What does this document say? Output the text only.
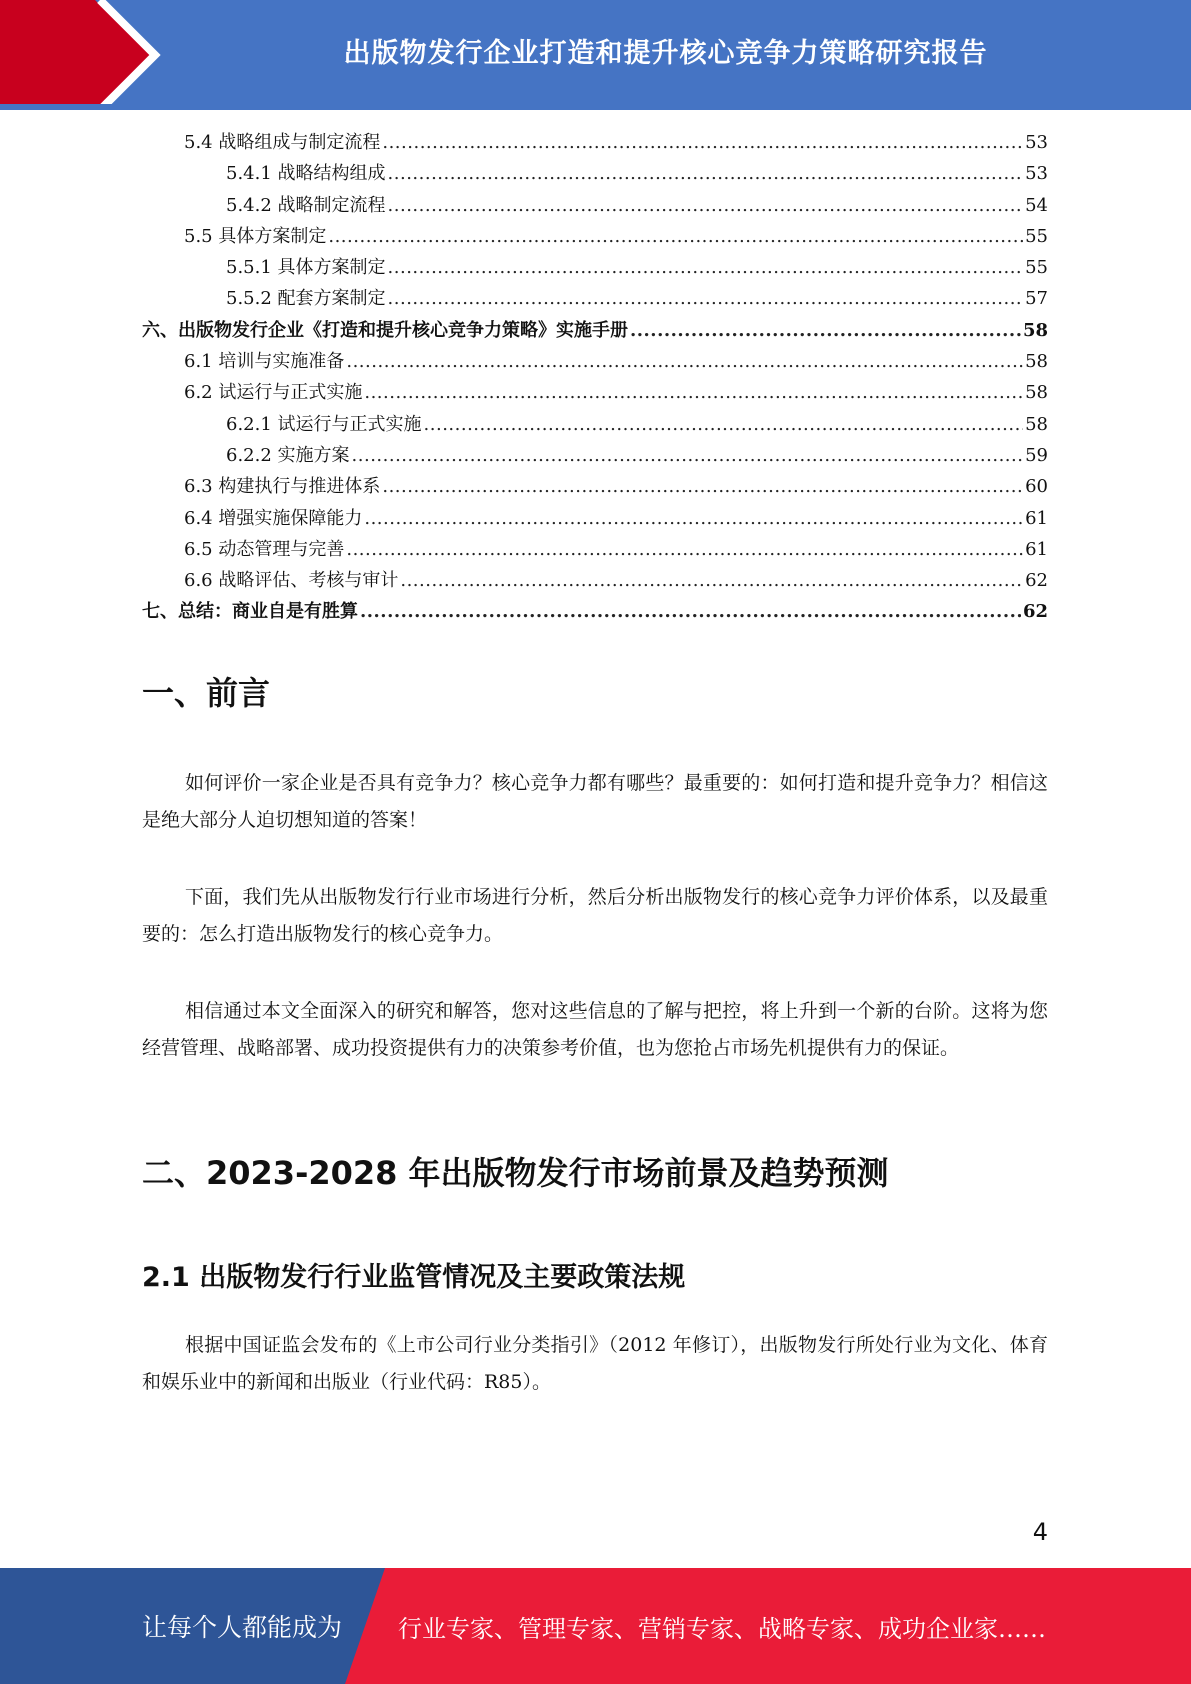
出版物发行企业打造和提升核心竞争力策略研究报告
5.4 战略组成与制定流程 .....	53
5.4.1 战略结构组成 .....	53
5.4.2 战略制定流程 .....	54
5.5 具体方案制定 .....	55
5.5.1 具体方案制定 .....	55
5.5.2 配套方案制定 .....	57
六、出版物发行企业《打造和提升核心竞争力策略》实施手册 .....	58
6.1 培训与实施准备 .....	58
6.2 试运行与正式实施 .....	58
6.2.1 试运行与正式实施 .....	58
6.2.2 实施方案 .....	59
6.3 构建执行与推进体系 .....	60
6.4 增强实施保障能力 .....	61
6.5 动态管理与完善 .....	61
6.6 战略评估、考核与审计 .....	62
七、总结：商业自是有胜算 .....	62
一、前言

如何评价一家企业是否具有竞争力？核心竞争力都有哪些？最重要的：如何打造和提升竞争力？相信这是绝大部分人迫切想知道的答案！

下面，我们先从出版物发行行业市场进行分析，然后分析出版物发行的核心竞争力评价体系，以及最重要的：怎么打造出版物发行的核心竞争力。

相信通过本文全面深入的研究和解答，您对这些信息的了解与把控，将上升到一个新的台阶。这将为您经营管理、战略部署、成功投资提供有力的决策参考价值，也为您抢占市场先机提供有力的保证。

二、2023-2028 年出版物发行市场前景及趋势预测
2.1 出版物发行行业监管情况及主要政策法规

根据中国证监会发布的《上市公司行业分类指引》（2012 年修订），出版物发行所处行业为文化、体育和娱乐业中的新闻和出版业（行业代码：R85）。

4
让每个人都能成为 行业专家、管理专家、营销专家、战略专家、成功企业家……
